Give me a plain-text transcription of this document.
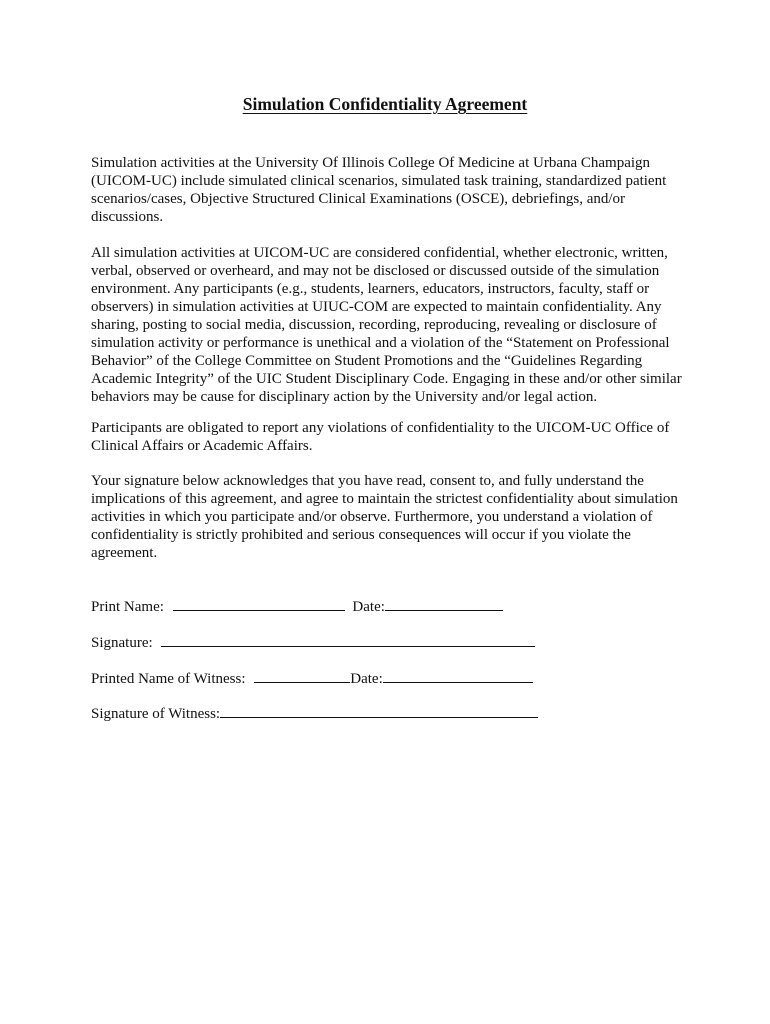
Simulation Confidentiality Agreement

Simulation activities at the University Of Illinois College Of Medicine at Urbana Champaign (UICOM-UC) include simulated clinical scenarios, simulated task training, standardized patient scenarios/cases, Objective Structured Clinical Examinations (OSCE), debriefings, and/or discussions.

All simulation activities at UICOM-UC are considered confidential, whether electronic, written, verbal, observed or overheard, and may not be disclosed or discussed outside of the simulation environment. Any participants (e.g., students, learners, educators, instructors, faculty, staff or observers) in simulation activities at UIUC-COM are expected to maintain confidentiality. Any sharing, posting to social media, discussion, recording, reproducing, revealing or disclosure of simulation activity or performance is unethical and a violation of the “Statement on Professional Behavior” of the College Committee on Student Promotions and the “Guidelines Regarding Academic Integrity” of the UIC Student Disciplinary Code. Engaging in these and/or other similar behaviors may be cause for disciplinary action by the University and/or legal action.

Participants are obligated to report any violations of confidentiality to the UICOM-UC Office of Clinical Affairs or Academic Affairs.

Your signature below acknowledges that you have read, consent to, and fully understand the implications of this agreement, and agree to maintain the strictest confidentiality about simulation activities in which you participate and/or observe. Furthermore, you understand a violation of confidentiality is strictly prohibited and serious consequences will occur if you violate the agreement.

Print Name:	Date:
Signature:
Printed Name of Witness:	Date:
Signature of Witness:
